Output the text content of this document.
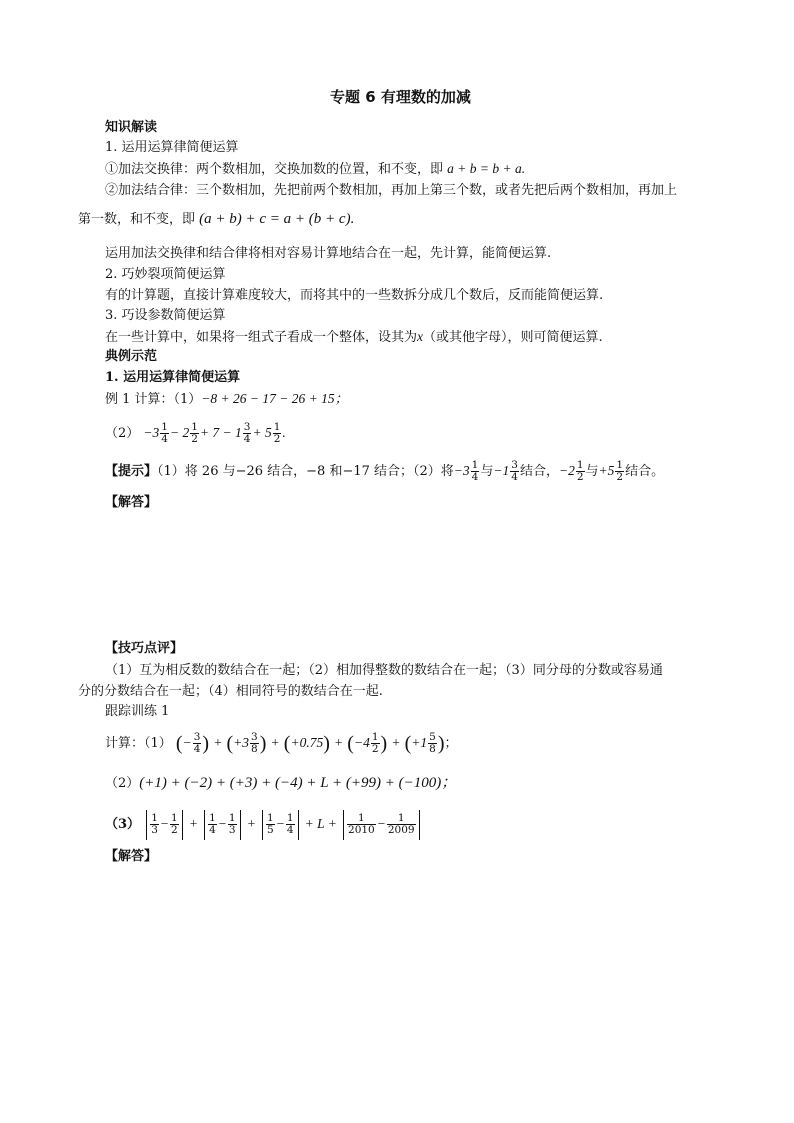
专题 6 有理数的加减
知识解读
1. 运用运算律简便运算
①加法交换律：两个数相加，交换加数的位置，和不变，即 a + b = b + a.
②加法结合律：三个数相加，先把前两个数相加，再加上第三个数，或者先把后两个数相加，再加上
第一数，和不变，即 (a + b) + c = a + (b + c).
运用加法交换律和结合律将相对容易计算地结合在一起，先计算，能简便运算.
2. 巧妙裂项简便运算
有的计算题，直接计算难度较大，而将其中的一些数拆分成几个数后，反而能简便运算.
3. 巧设参数简便运算
在一些计算中，如果将一组式子看成一个整体，设其为x（或其他字母），则可简便运算.
典例示范
1. 运用运算律简便运算
例 1 计算：（1）−8 + 26 − 17 − 26 + 15；
$(2) -3 \frac{1}{4} - 2 \frac{1}{2} + 7 - 1 \frac{3}{4} + 5 \frac{1}{2}$ .
【提示】（1）将 26 与−26 结合，−8 和−17 结合；（2）将$-3 \frac{1}{4}$ 与$-1 \frac{3}{4}$ 结合，$-2 \frac{1}{2}$ 与$+5 \frac{1}{2}$ 结合。
【解答】
【技巧点评】
（1）互为相反数的数结合在一起；（2）相加得整数的数结合在一起；（3）同分母的分数或容易通
分的分数结合在一起；（4）相同符号的数结合在一起.
跟踪训练 1
计算：（1） (− $\frac{3}{4}$ ) + ($+3 \frac{3}{8}$ ) + $(+0.75) + (-4 \frac{1}{2}$ ) + ($+1 \frac{5}{8}$ )；
（2）(+1) + (−2) + (+3) + (−4) + L + (+99) + (−100)；
$(3) \frac{1}{3} - \frac{1}{2} + \frac{1}{4} - \frac{1}{3} + \frac{1}{5} - \frac{1}{4} + L + \frac{1}{2010} - \frac{1}{2009}$
【解答】
